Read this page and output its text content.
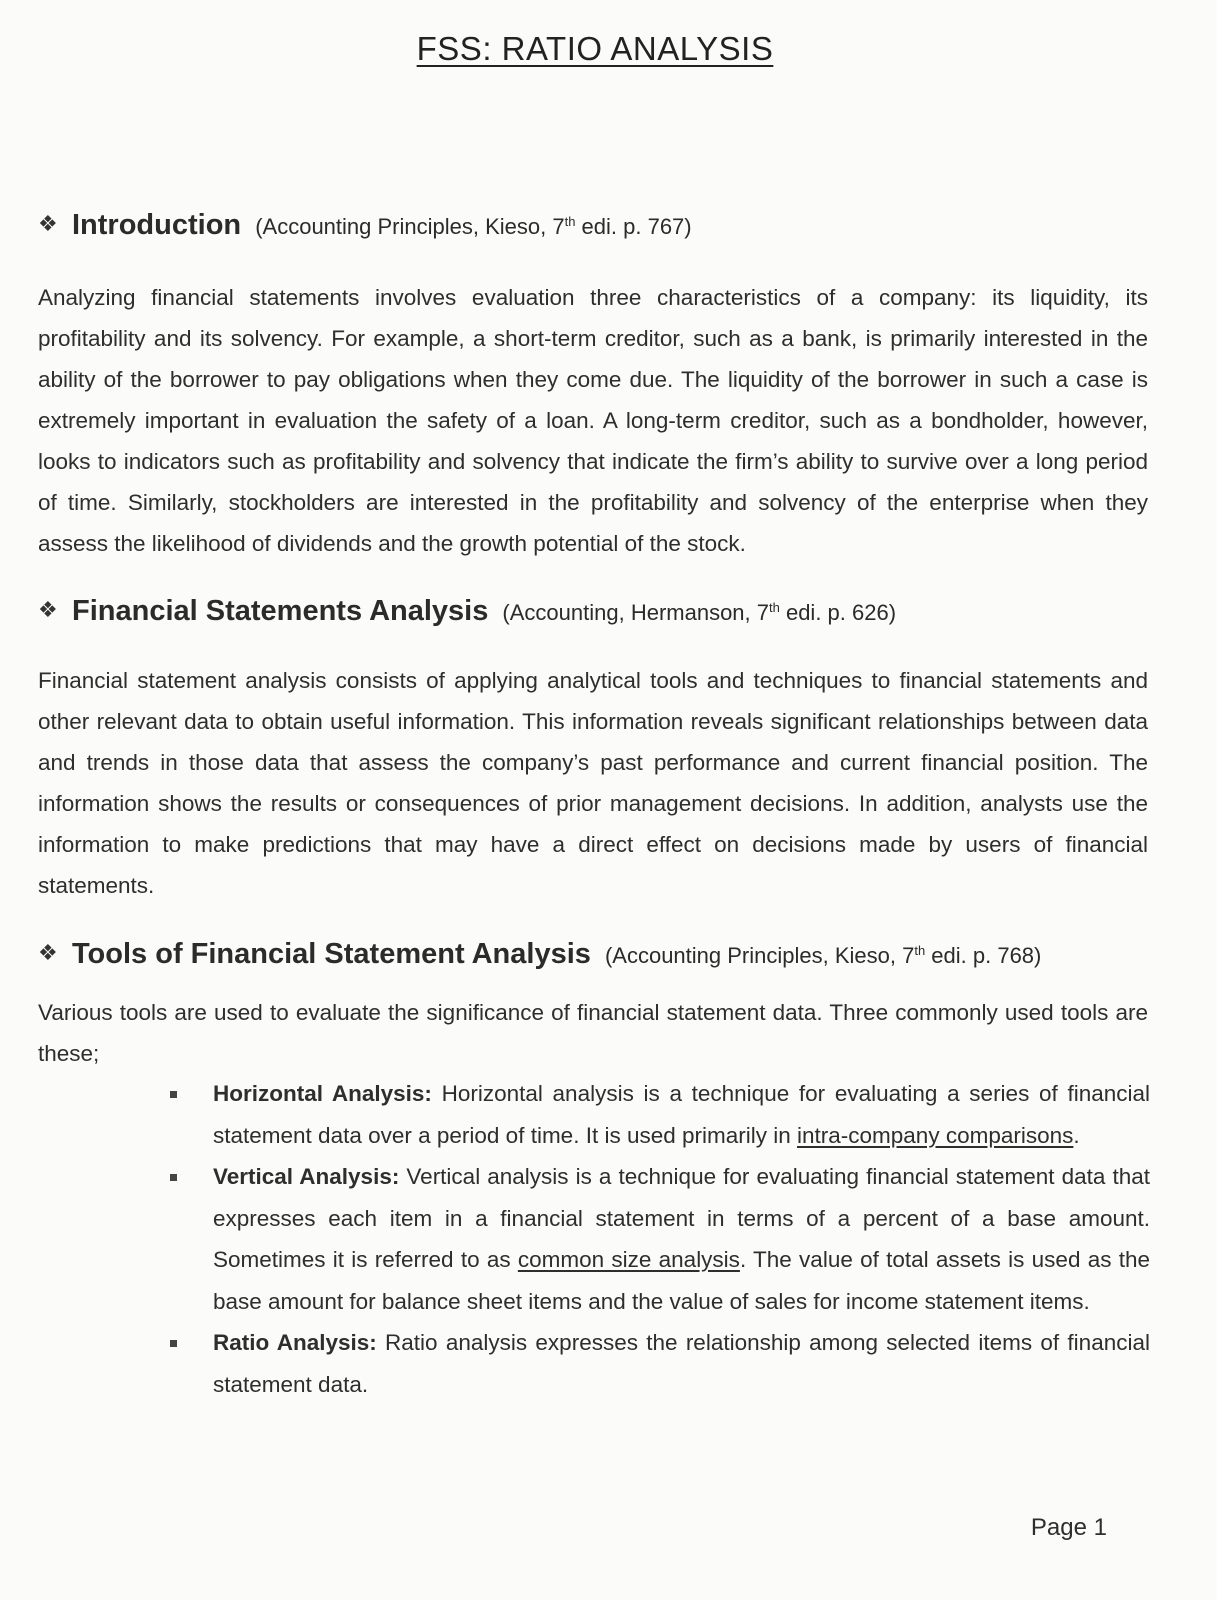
FSS: RATIO ANALYSIS
❖ Introduction (Accounting Principles, Kieso, 7th edi. p. 767)

Analyzing financial statements involves evaluation three characteristics of a company: its liquidity, its profitability and its solvency. For example, a short-term creditor, such as a bank, is primarily interested in the ability of the borrower to pay obligations when they come due. The liquidity of the borrower in such a case is extremely important in evaluation the safety of a loan. A long-term creditor, such as a bondholder, however, looks to indicators such as profitability and solvency that indicate the firm’s ability to survive over a long period of time. Similarly, stockholders are interested in the profitability and solvency of the enterprise when they assess the likelihood of dividends and the growth potential of the stock.

❖ Financial Statements Analysis (Accounting, Hermanson, 7th edi. p. 626)

Financial statement analysis consists of applying analytical tools and techniques to financial statements and other relevant data to obtain useful information. This information reveals significant relationships between data and trends in those data that assess the company’s past performance and current financial position. The information shows the results or consequences of prior management decisions. In addition, analysts use the information to make predictions that may have a direct effect on decisions made by users of financial statements.

❖ Tools of Financial Statement Analysis (Accounting Principles, Kieso, 7th edi. p. 768)

Various tools are used to evaluate the significance of financial statement data. Three commonly used tools are these;

Horizontal Analysis: Horizontal analysis is a technique for evaluating a series of financial statement data over a period of time. It is used primarily in intra-company comparisons.
Vertical Analysis: Vertical analysis is a technique for evaluating financial statement data that expresses each item in a financial statement in terms of a percent of a base amount. Sometimes it is referred to as common size analysis. The value of total assets is used as the base amount for balance sheet items and the value of sales for income statement items.
Ratio Analysis: Ratio analysis expresses the relationship among selected items of financial statement data.
Page 1
